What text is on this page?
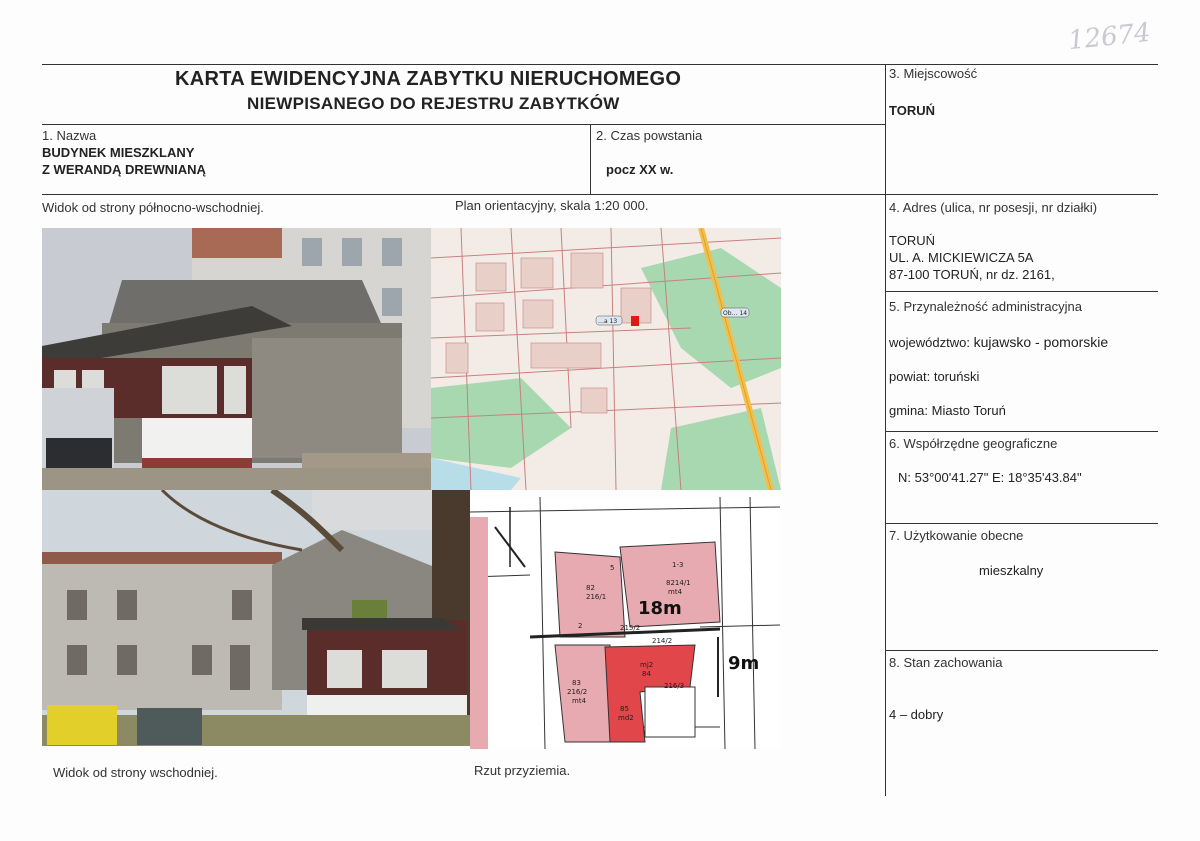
12674
KARTA EWIDENCYJNA ZABYTKU NIERUCHOMEGO
NIEWPISANEGO DO REJESTRU ZABYTKÓW
1. Nazwa
BUDYNEK MIESZKLANY
Z WERANDĄ DREWNIANĄ
2. Czas powstania
pocz XX w.
3. Miejscowość
TORUŃ
4. Adres (ulica, nr posesji, nr działki)
TORUŃ
UL. A. MICKIEWICZA 5A
87-100 TORUŃ, nr dz. 2161,
5. Przynależność administracyjna
województwo: kujawsko - pomorskie
powiat: toruński
gmina: Miasto Toruń
6. Współrzędne geograficzne
N: 53°00'41.27" E: 18°35'43.84"
7. Użytkowanie obecne
mieszkalny
8. Stan zachowania
4 – dobry
Widok od strony północno-wschodniej.	Plan orientacyjny, skala 1:20 000.
Widok od strony wschodniej.	Rzut przyziemia.
Ob… 14
…a 13
18m
9m
82
216/1
8214/1
mt4
1-3
5
2	215/2
214/2
83
216/2
mt4
mj2
84
85
md2
216/3
